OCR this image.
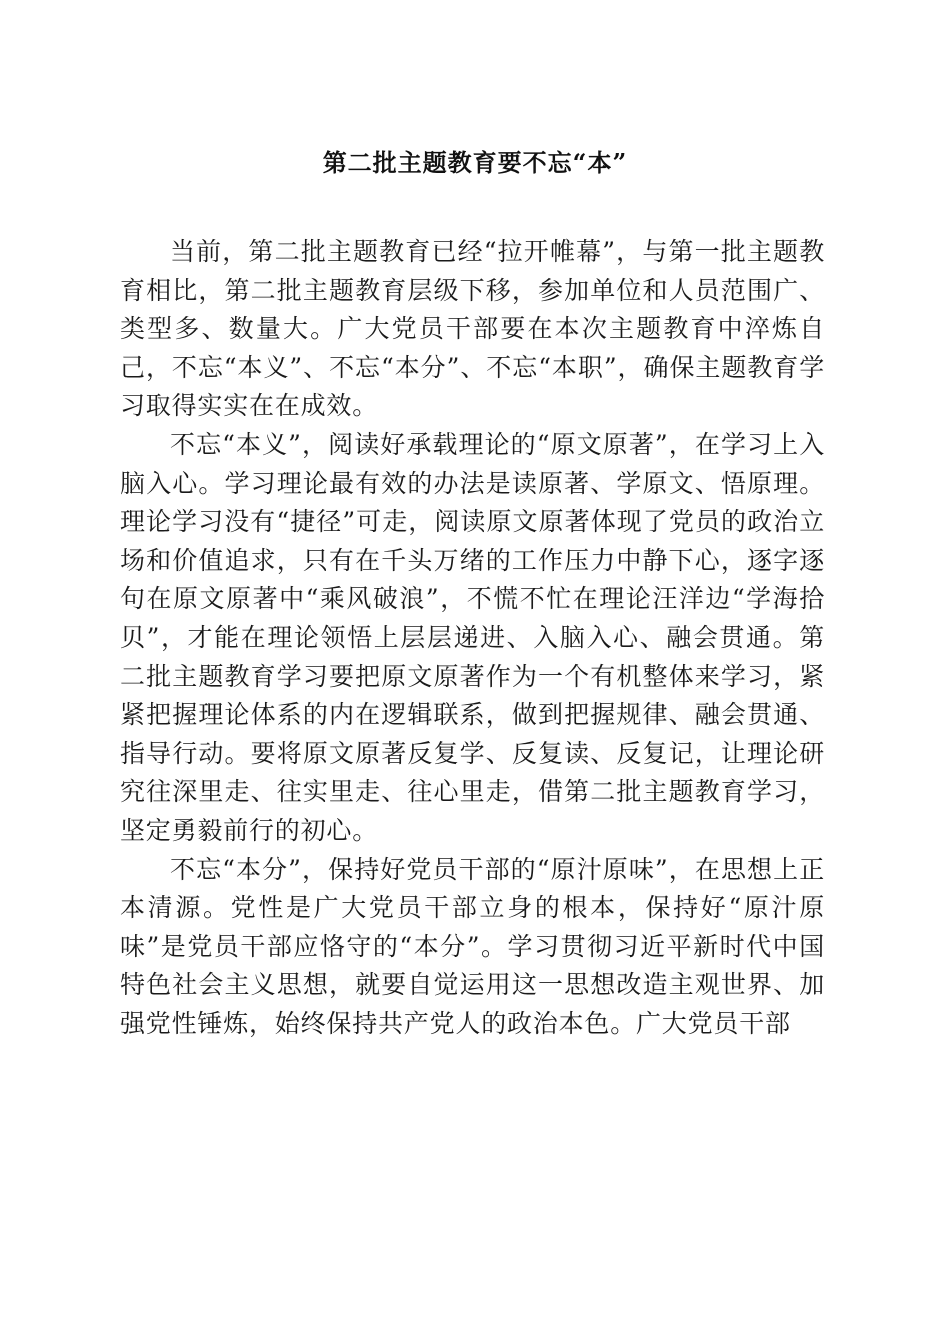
第二批主题教育要不忘“本”

当前，第二批主题教育已经“拉开帷幕”，与第一批主题教育相比，第二批主题教育层级下移，参加单位和人员范围广、类型多、数量大。广大党员干部要在本次主题教育中淬炼自己，不忘“本义”、不忘“本分”、不忘“本职”，确保主题教育学习取得实实在在成效。

不忘“本义”，阅读好承载理论的“原文原著”，在学习上入脑入心。学习理论最有效的办法是读原著、学原文、悟原理。理论学习没有“捷径”可走，阅读原文原著体现了党员的政治立场和价值追求，只有在千头万绪的工作压力中静下心，逐字逐句在原文原著中“乘风破浪”，不慌不忙在理论汪洋边“学海拾贝”，才能在理论领悟上层层递进、入脑入心、融会贯通。第二批主题教育学习要把原文原著作为一个有机整体来学习，紧紧把握理论体系的内在逻辑联系，做到把握规律、融会贯通、指导行动。要将原文原著反复学、反复读、反复记，让理论研究往深里走、往实里走、往心里走，借第二批主题教育学习，坚定勇毅前行的初心。

不忘“本分”，保持好党员干部的“原汁原味”，在思想上正本清源。党性是广大党员干部立身的根本，保持好“原汁原味”是党员干部应恪守的“本分”。学习贯彻习近平新时代中国特色社会主义思想，就要自觉运用这一思想改造主观世界、加强党性锤炼，始终保持共产党人的政治本色。广大党员干部
